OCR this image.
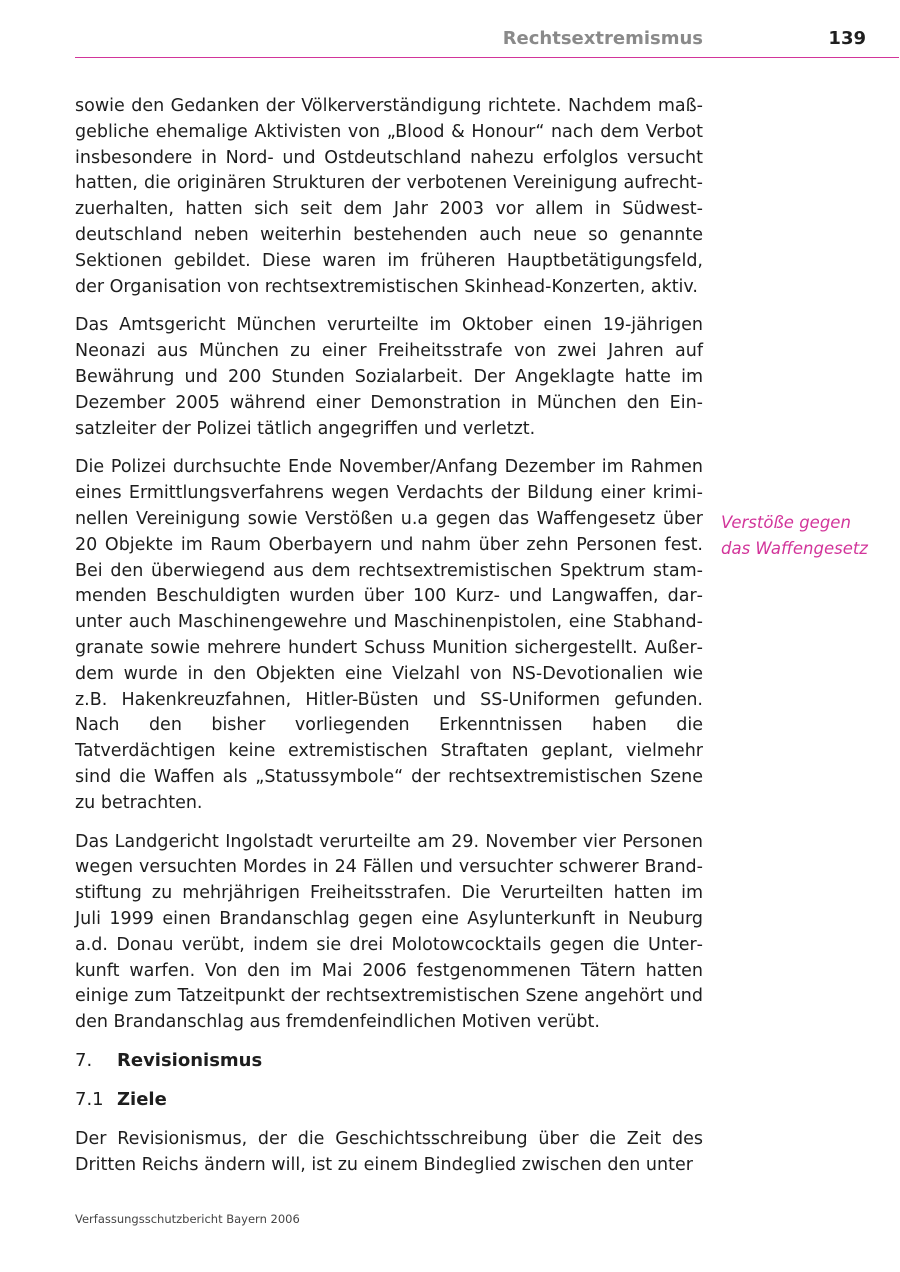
Rechtsextremismus	139

sowie den Gedanken der Völkerverständigung richtete. Nachdem maßgebliche ehemalige Aktivisten von „Blood & Honour“ nach dem Verbot insbesondere in Nord- und Ostdeutschland nahezu erfolglos versucht hatten, die originären Strukturen der verbotenen Vereinigung aufrechtzuerhalten, hatten sich seit dem Jahr 2003 vor allem in Südwestdeutschland neben weiterhin bestehenden auch neue so genannte Sektionen gebildet. Diese waren im früheren Hauptbetätigungsfeld, der Organisation von rechtsextremistischen Skinhead-Konzerten, aktiv.

Das Amtsgericht München verurteilte im Oktober einen 19-jährigen Neonazi aus München zu einer Freiheitsstrafe von zwei Jahren auf Bewährung und 200 Stunden Sozialarbeit. Der Angeklagte hatte im Dezember 2005 während einer Demonstration in München den Einsatzleiter der Polizei tätlich angegriffen und verletzt.

Die Polizei durchsuchte Ende November/Anfang Dezember im Rahmen eines Ermittlungsverfahrens wegen Verdachts der Bildung einer kriminellen Vereinigung sowie Verstößen u.a gegen das Waffengesetz über 20 Objekte im Raum Oberbayern und nahm über zehn Personen fest. Bei den überwiegend aus dem rechtsextremistischen Spektrum stammenden Beschuldigten wurden über 100 Kurz- und Langwaffen, darunter auch Maschinengewehre und Maschinenpistolen, eine Stabhandgranate sowie mehrere hundert Schuss Munition sichergestellt. Außerdem wurde in den Objekten eine Vielzahl von NS-Devotionalien wie z.B. Hakenkreuzfahnen, Hitler-Büsten und SS-Uniformen gefunden. Nach den bisher vorliegenden Erkenntnissen haben die Tatverdächtigen keine extremistischen Straftaten geplant, vielmehr sind die Waffen als „Statussymbole“ der rechtsextremistischen Szene zu betrachten.

Das Landgericht Ingolstadt verurteilte am 29. November vier Personen wegen versuchten Mordes in 24 Fällen und versuchter schwerer Brandstiftung zu mehrjährigen Freiheitsstrafen. Die Verurteilten hatten im Juli 1999 einen Brandanschlag gegen eine Asylunterkunft in Neuburg a.d. Donau verübt, indem sie drei Molotowcocktails gegen die Unterkunft warfen. Von den im Mai 2006 festgenommenen Tätern hatten einige zum Tatzeitpunkt der rechtsextremistischen Szene angehört und den Brandanschlag aus fremdenfeindlichen Motiven verübt.

Verstöße gegen
das Waffengesetz
7. Revisionismus
7.1 Ziele

Der Revisionismus, der die Geschichtsschreibung über die Zeit des Dritten Reichs ändern will, ist zu einem Bindeglied zwischen den unter

Verfassungsschutzbericht Bayern 2006
